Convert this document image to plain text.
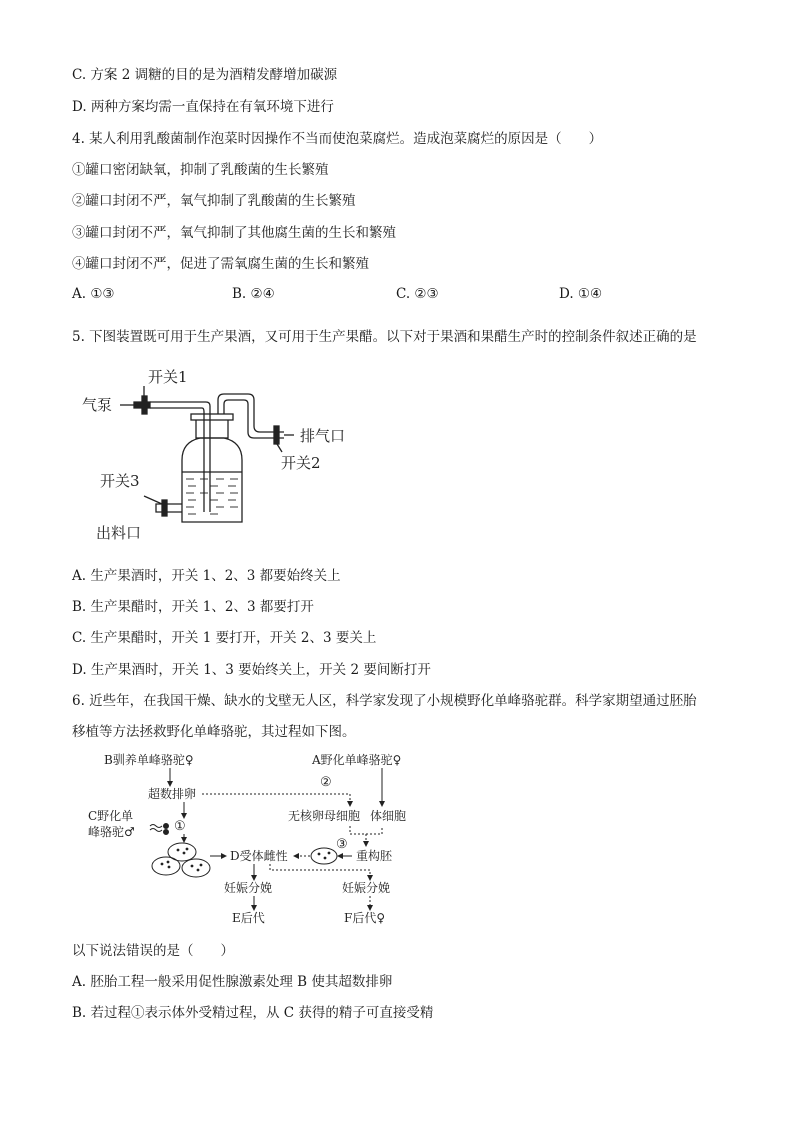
C. 方案 2 调糖的目的是为酒精发酵增加碳源
D. 两种方案均需一直保持在有氧环境下进行
4. 某人利用乳酸菌制作泡菜时因操作不当而使泡菜腐烂。造成泡菜腐烂的原因是（　　）
①罐口密闭缺氧，抑制了乳酸菌的生长繁殖
②罐口封闭不严，氧气抑制了乳酸菌的生长繁殖
③罐口封闭不严，氧气抑制了其他腐生菌的生长和繁殖
④罐口封闭不严，促进了需氧腐生菌的生长和繁殖
A. ①③	B. ②④	C. ②③	D. ①④
5. 下图装置既可用于生产果酒，又可用于生产果醋。以下对于果酒和果醋生产时的控制条件叙述正确的是
开关1
气泵
排气口
开关2
开关3
出料口
A. 生产果酒时，开关 1、2、3 都要始终关上
B. 生产果醋时，开关 1、2、3 都要打开
C. 生产果醋时，开关 1 要打开，开关 2、3 要关上
D. 生产果酒时，开关 1、3 要始终关上，开关 2 要间断打开
6. 近些年，在我国干燥、缺水的戈壁无人区，科学家发现了小规模野化单峰骆驼群。科学家期望通过胚胎
移植等方法拯救野化单峰骆驼，其过程如下图。
B驯养单峰骆驼♀	A野化单峰骆驼♀
②
超数排卵
C野化单
峰骆驼♂	①
无核卵母细胞 体细胞
D受体雌性
③
重构胚
妊娠分娩	妊娠分娩
E后代	F后代♀
以下说法错误的是（　　）
A. 胚胎工程一般采用促性腺激素处理 B 使其超数排卵
B. 若过程①表示体外受精过程，从 C 获得的精子可直接受精
